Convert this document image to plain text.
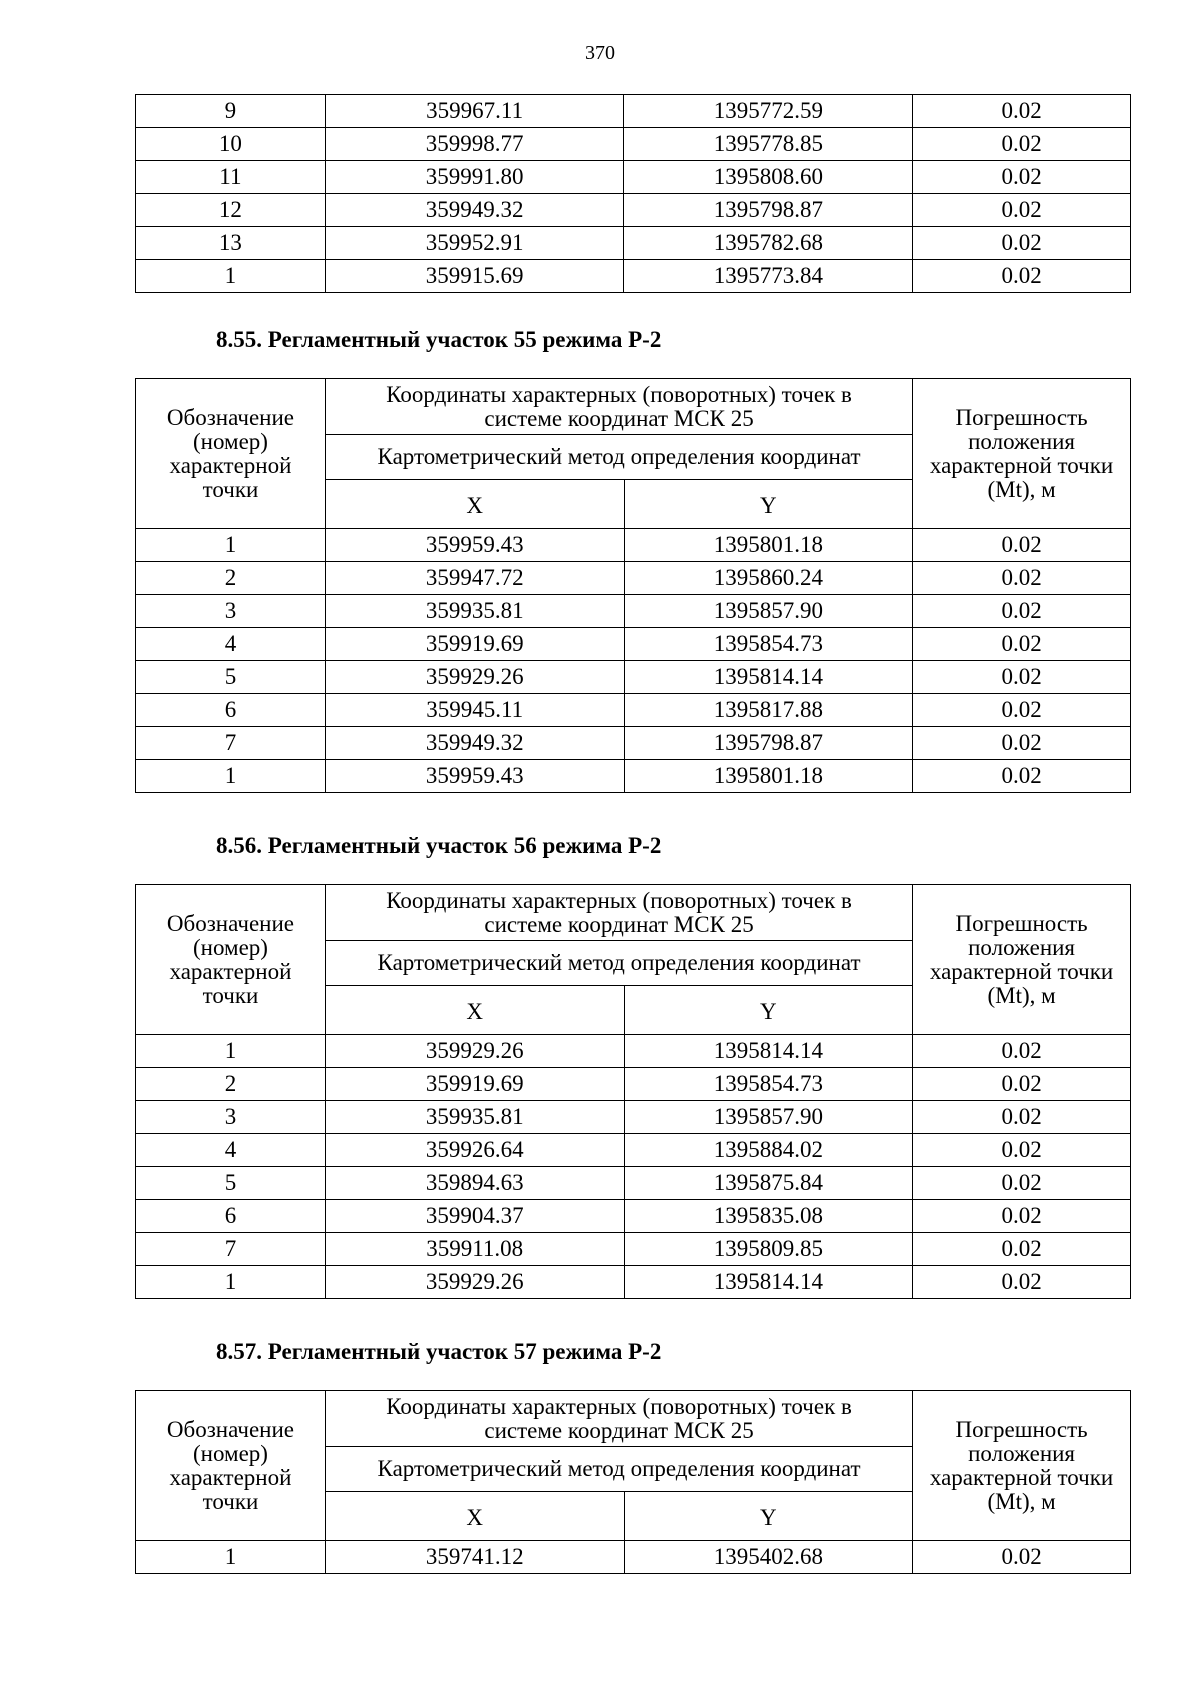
370
9	359967.11	1395772.59	0.02
10	359998.77	1395778.85	0.02
11	359991.80	1395808.60	0.02
12	359949.32	1395798.87	0.02
13	359952.91	1395782.68	0.02
1	359915.69	1395773.84	0.02
8.55. Регламентный участок 55 режима Р-2
Обозначение (номер) характерной точки	Координаты характерных (поворотных) точек в системе координат МСК 25		Погрешность положения характерной точки (Mt), м
	Картометрический метод определения координат		
	X	Y	
1	359959.43	1395801.18	0.02
2	359947.72	1395860.24	0.02
3	359935.81	1395857.90	0.02
4	359919.69	1395854.73	0.02
5	359929.26	1395814.14	0.02
6	359945.11	1395817.88	0.02
7	359949.32	1395798.87	0.02
1	359959.43	1395801.18	0.02
8.56. Регламентный участок 56 режима Р-2
Обозначение (номер) характерной точки	Координаты характерных (поворотных) точек в системе координат МСК 25		Погрешность положения характерной точки (Mt), м
	Картометрический метод определения координат		
	X	Y	
1	359929.26	1395814.14	0.02
2	359919.69	1395854.73	0.02
3	359935.81	1395857.90	0.02
4	359926.64	1395884.02	0.02
5	359894.63	1395875.84	0.02
6	359904.37	1395835.08	0.02
7	359911.08	1395809.85	0.02
1	359929.26	1395814.14	0.02
8.57. Регламентный участок 57 режима Р-2
Обозначение (номер) характерной точки	Координаты характерных (поворотных) точек в системе координат МСК 25		Погрешность положения характерной точки (Mt), м
	Картометрический метод определения координат		
	X	Y	
1	359741.12	1395402.68	0.02
